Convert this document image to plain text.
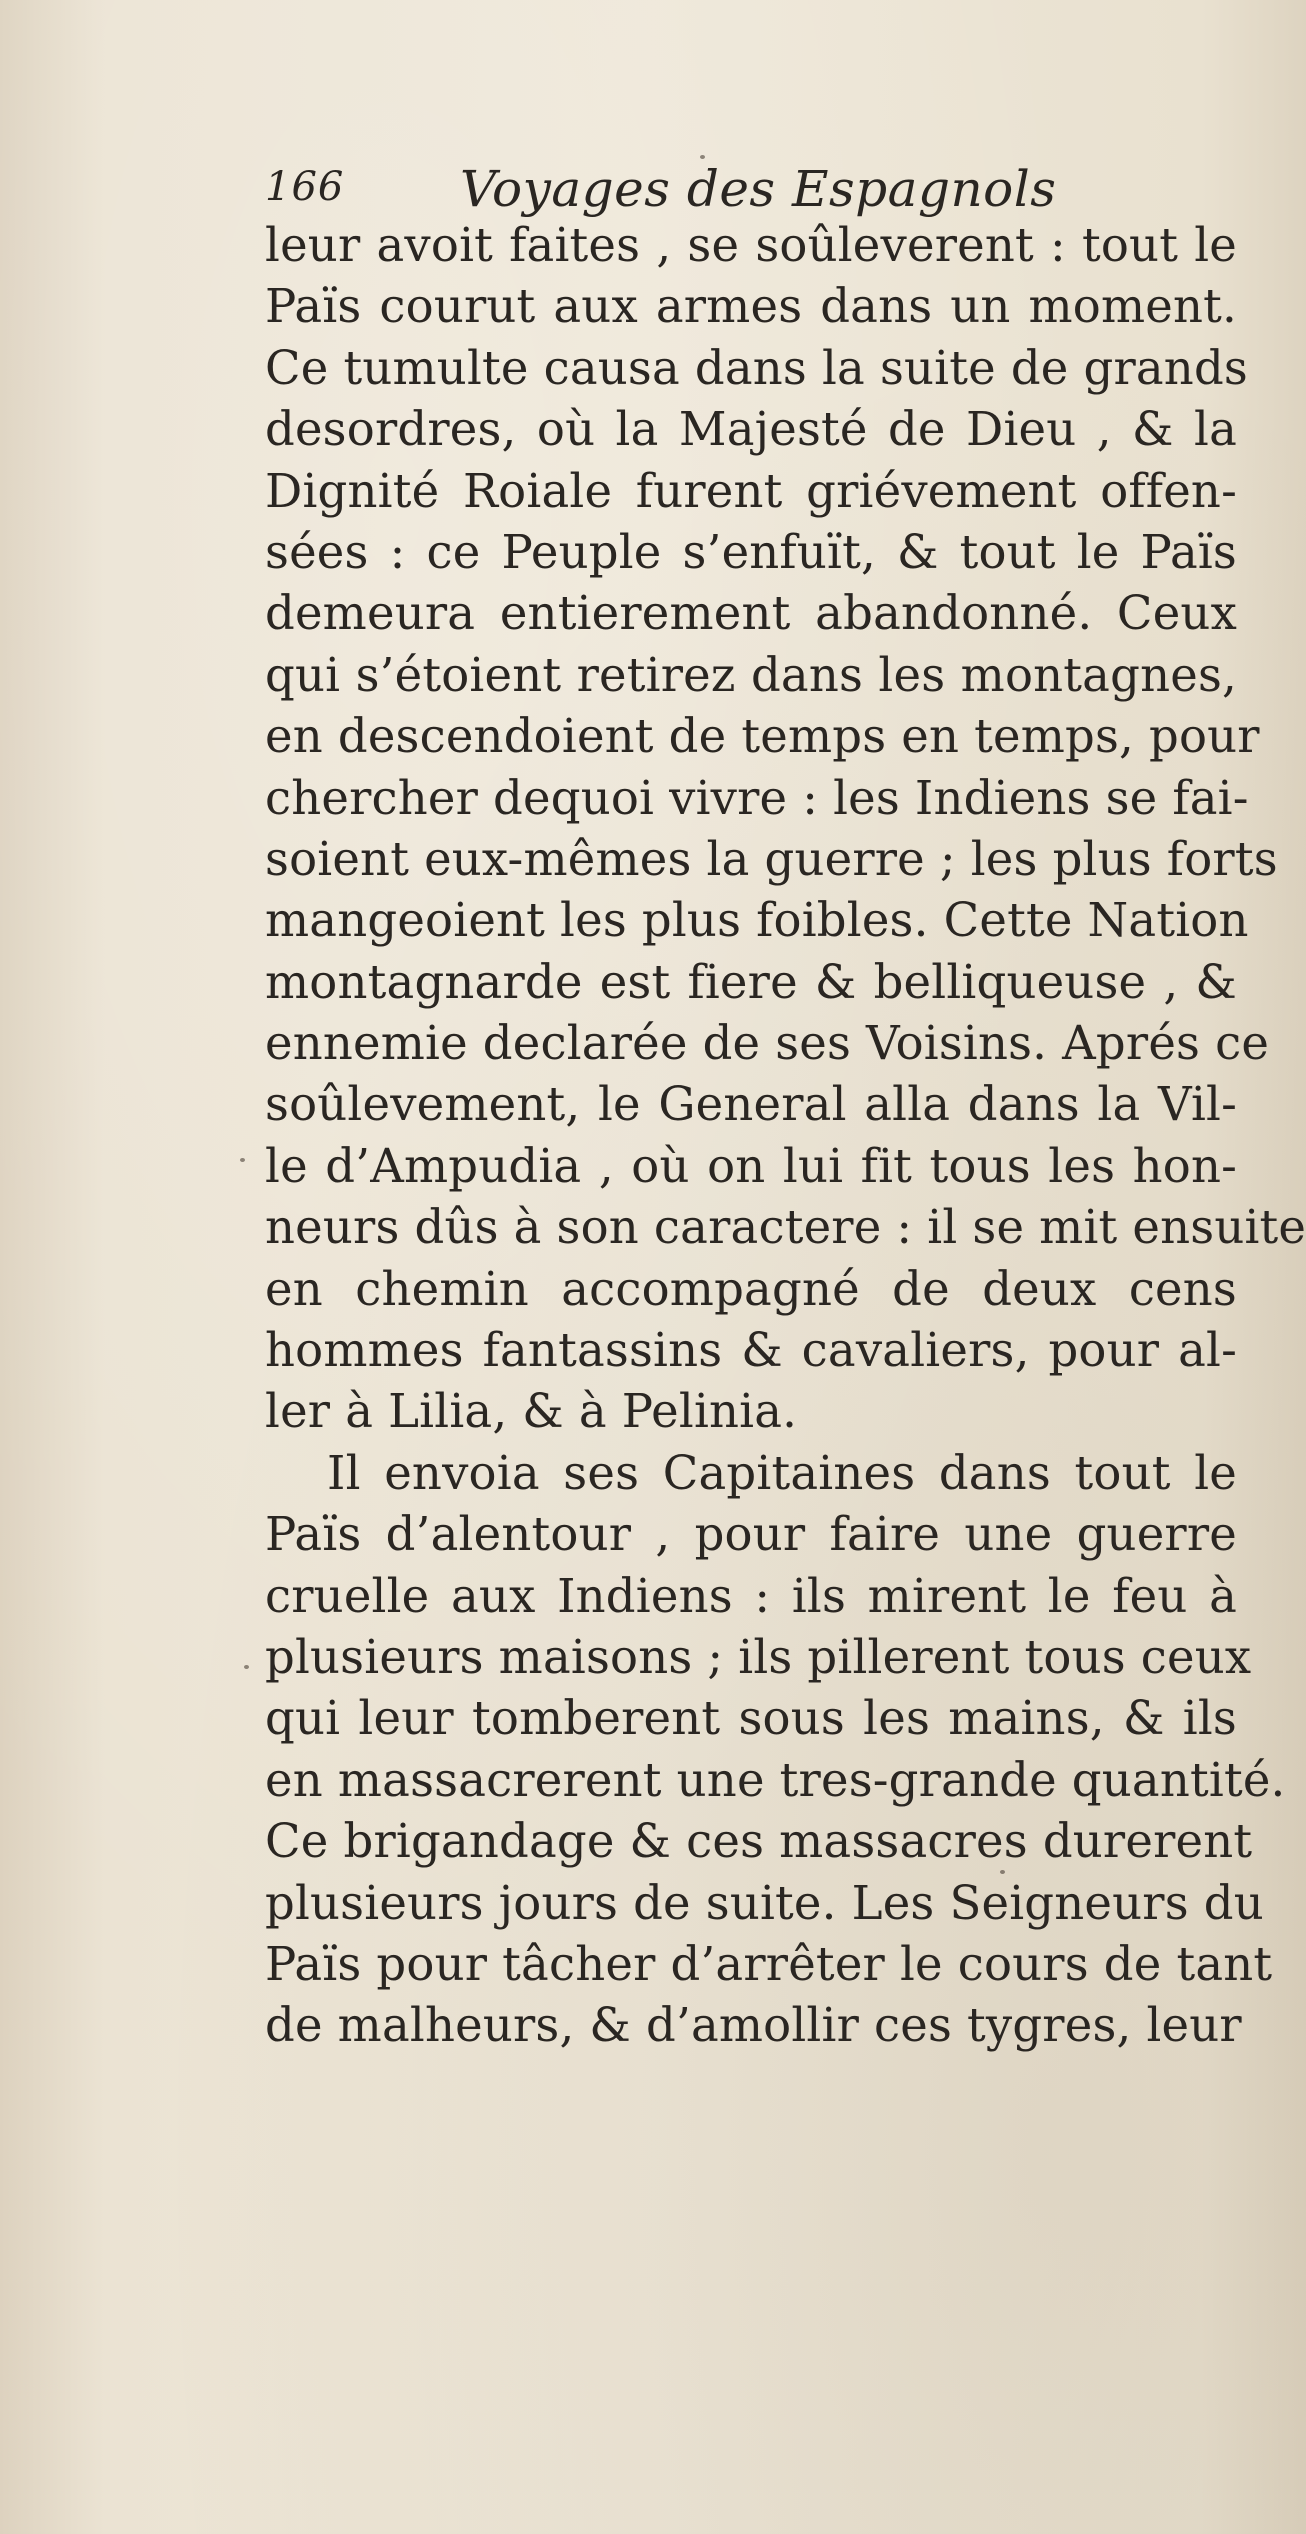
166 Voyages des Espagnols
leur avoit faites , se soûleverent : tout le
Païs courut aux armes dans un moment.
Ce tumulte causa dans la suite de grands
desordres, où la Majesté de Dieu , & la
Dignité Roiale furent griévement offen-
sées : ce Peuple s’enfuït, & tout le Païs
demeura entierement abandonné. Ceux
qui s’étoient retirez dans les montagnes,
en descendoient de temps en temps, pour
chercher dequoi vivre : les Indiens se fai-
soient eux-mêmes la guerre ; les plus forts
mangeoient les plus foibles. Cette Nation
montagnarde est fiere & belliqueuse , &
ennemie declarée de ses Voisins. Aprés ce
soûlevement, le General alla dans la Vil-
le d’Ampudia , où on lui fit tous les hon-
neurs dûs à son caractere : il se mit ensuite
en chemin accompagné de deux cens
hommes fantassins & cavaliers, pour al-
ler à Lilia, & à Pelinia.
Il envoia ses Capitaines dans tout le
Païs d’alentour , pour faire une guerre
cruelle aux Indiens : ils mirent le feu à
plusieurs maisons ; ils pillerent tous ceux
qui leur tomberent sous les mains, & ils
en massacrerent une tres-grande quantité.
Ce brigandage & ces massacres durerent
plusieurs jours de suite. Les Seigneurs du
Païs pour tâcher d’arrêter le cours de tant
de malheurs, & d’amollir ces tygres, leur
